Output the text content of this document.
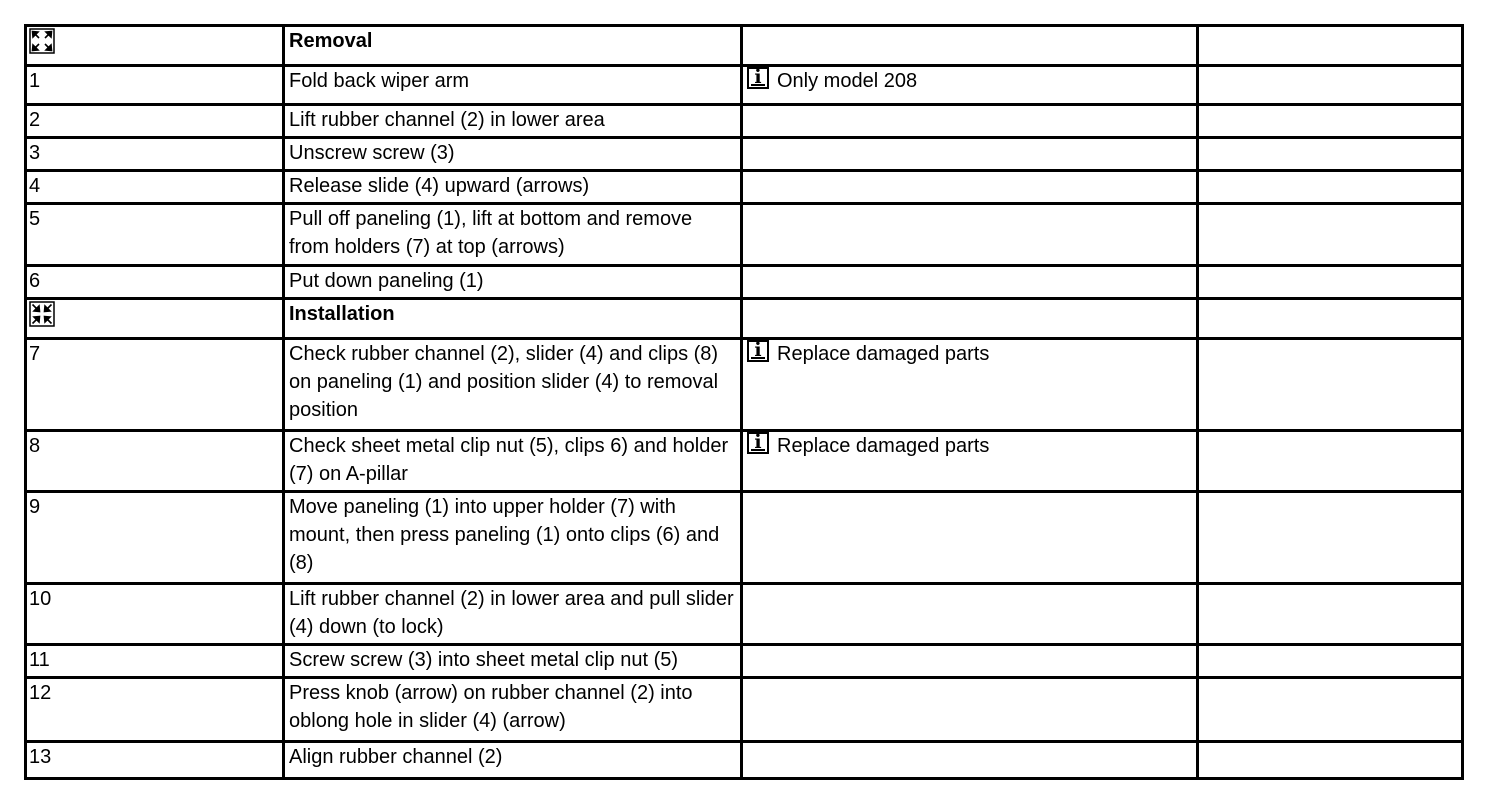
	Removal		
1	Fold back wiper arm	iOnly model 208	
2	Lift rubber channel (2) in lower area		
3	Unscrew screw (3)		
4	Release slide (4) upward (arrows)		
5	Pull off paneling (1), lift at bottom and remove from holders (7) at top (arrows)		
6	Put down paneling (1)		

	Installation		
7	Check rubber channel (2), slider (4) and clips (8) on paneling (1) and position slider (4) to removal position	iReplace damaged parts	
8	Check sheet metal clip nut (5), clips 6) and holder (7) on A-pillar	iReplace damaged parts	
9	Move paneling (1) into upper holder (7) with mount, then press paneling (1) onto clips (6) and (8)		
10	Lift rubber channel (2) in lower area and pull slider (4) down (to lock)		
11	Screw screw (3) into sheet metal clip nut (5)		
12	Press knob (arrow) on rubber channel (2) into oblong hole in slider (4) (arrow)		
13	Align rubber channel (2)		
